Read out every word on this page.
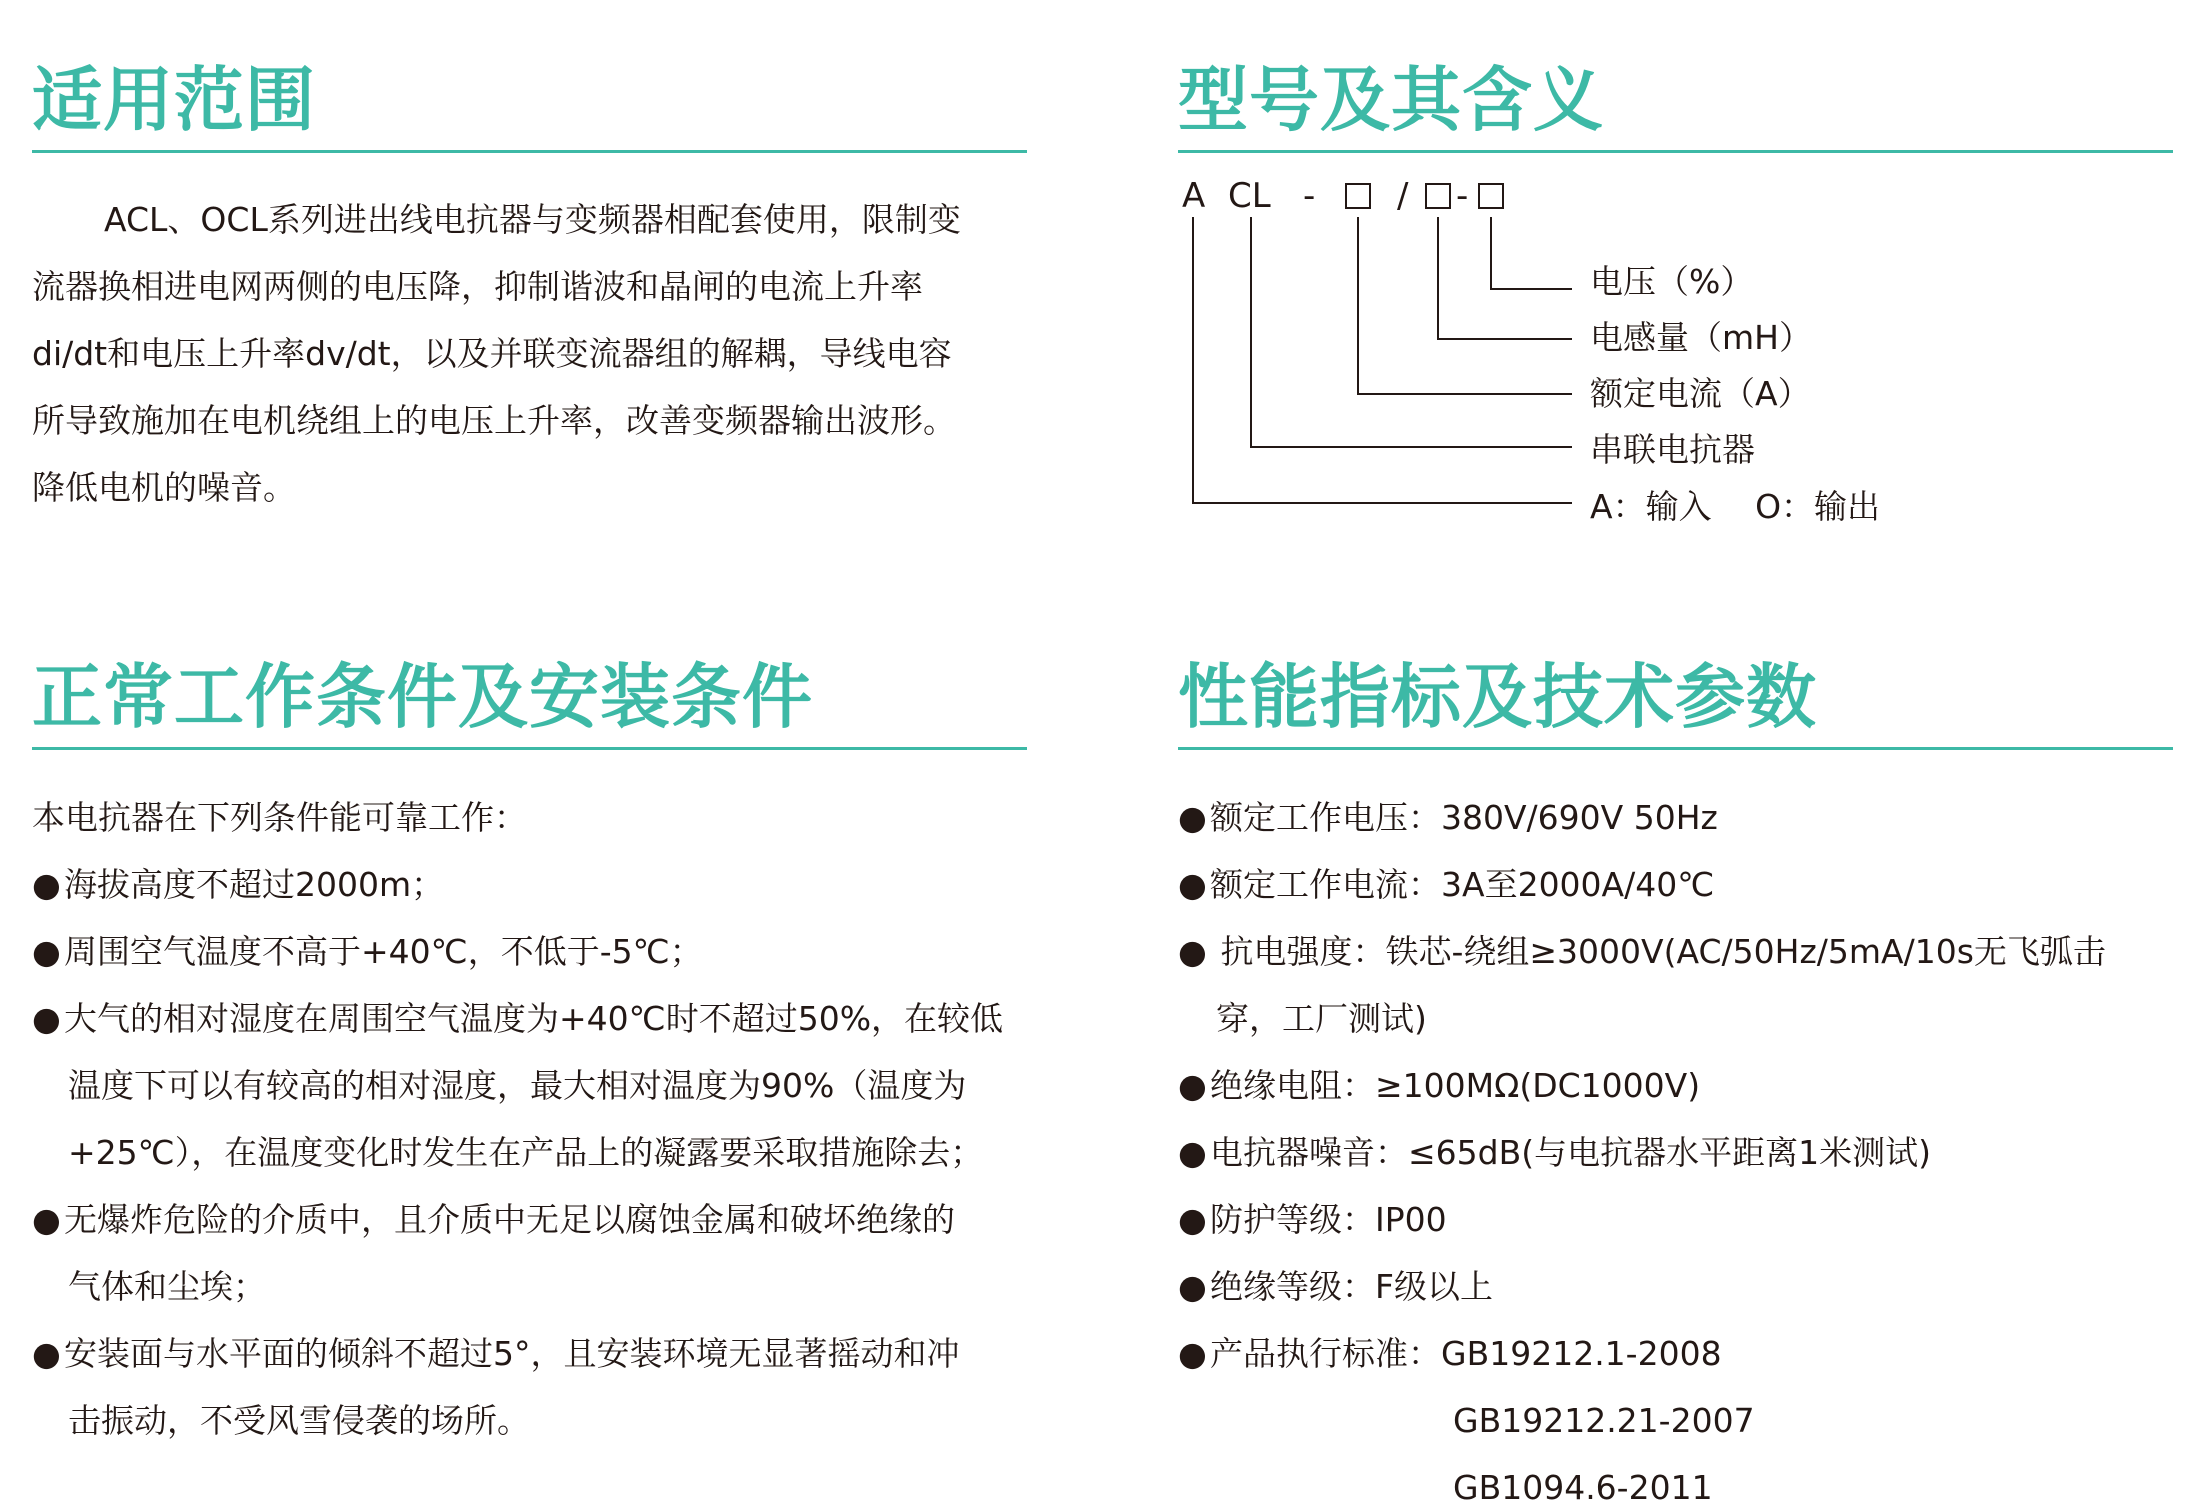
适用范围
ACL、OCL系列进出线电抗器与变频器相配套使用，限制变
流器换相进电网两侧的电压降，抑制谐波和晶闸的电流上升率
di/dt和电压上升率dv/dt，以及并联变流器组的解耦，导线电容
所导致施加在电机绕组上的电压上升率，改善变频器输出波形。
降低电机的噪音。
型号及其含义
A CL - / -
电压（%）
电感量（mH）
额定电流（A）
串联电抗器
A：输入　 O：输出
正常工作条件及安装条件
本电抗器在下列条件能可靠工作：
●海拔高度不超过2000m；
●周围空气温度不高于+40℃，不低于-5℃；
●大气的相对湿度在周围空气温度为+40℃时不超过50%，在较低
温度下可以有较高的相对湿度，最大相对温度为90%（温度为
+25℃），在温度变化时发生在产品上的凝露要采取措施除去；
●无爆炸危险的介质中，且介质中无足以腐蚀金属和破坏绝缘的
气体和尘埃；
●安装面与水平面的倾斜不超过5°，且安装环境无显著摇动和冲
击振动，不受风雪侵袭的场所。
性能指标及技术参数
●额定工作电压：380V/690V 50Hz
●额定工作电流：3A至2000A/40℃
● 抗电强度：铁芯-绕组≥3000V(AC/50Hz/5mA/10s无飞弧击
穿，工厂测试)
●绝缘电阻：≥100MΩ(DC1000V)
●电抗器噪音：≤65dB(与电抗器水平距离1米测试)
●防护等级：IP00
●绝缘等级：F级以上
●产品执行标准：GB19212.1-2008
GB19212.21-2007
GB1094.6-2011
